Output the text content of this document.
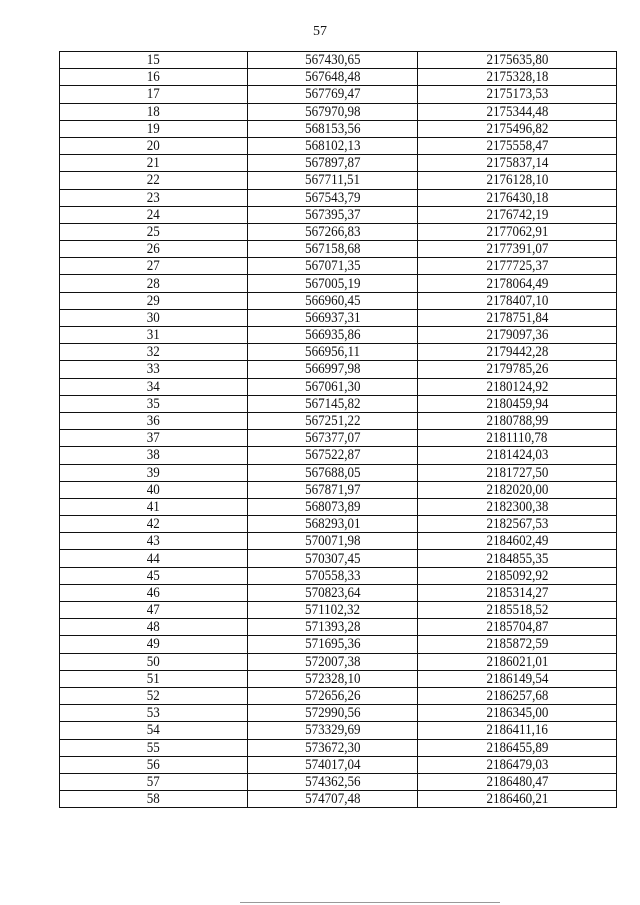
57
15	567430,65	2175635,80
16	567648,48	2175328,18
17	567769,47	2175173,53
18	567970,98	2175344,48
19	568153,56	2175496,82
20	568102,13	2175558,47
21	567897,87	2175837,14
22	567711,51	2176128,10
23	567543,79	2176430,18
24	567395,37	2176742,19
25	567266,83	2177062,91
26	567158,68	2177391,07
27	567071,35	2177725,37
28	567005,19	2178064,49
29	566960,45	2178407,10
30	566937,31	2178751,84
31	566935,86	2179097,36
32	566956,11	2179442,28
33	566997,98	2179785,26
34	567061,30	2180124,92
35	567145,82	2180459,94
36	567251,22	2180788,99
37	567377,07	2181110,78
38	567522,87	2181424,03
39	567688,05	2181727,50
40	567871,97	2182020,00
41	568073,89	2182300,38
42	568293,01	2182567,53
43	570071,98	2184602,49
44	570307,45	2184855,35
45	570558,33	2185092,92
46	570823,64	2185314,27
47	571102,32	2185518,52
48	571393,28	2185704,87
49	571695,36	2185872,59
50	572007,38	2186021,01
51	572328,10	2186149,54
52	572656,26	2186257,68
53	572990,56	2186345,00
54	573329,69	2186411,16
55	573672,30	2186455,89
56	574017,04	2186479,03
57	574362,56	2186480,47
58	574707,48	2186460,21
